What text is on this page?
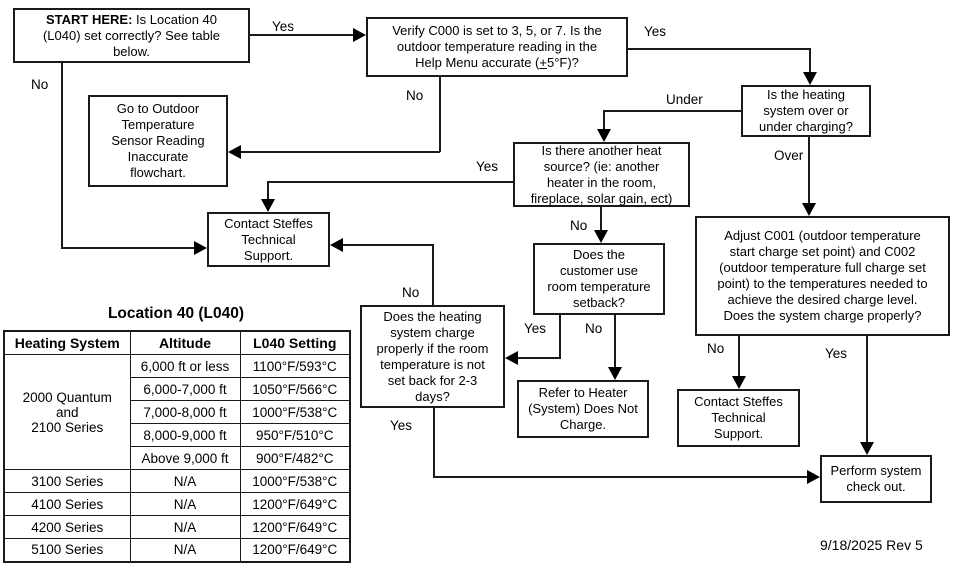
START HERE: Is Location 40
(L040) set correctly? See table
below.
Verify C000 is set to 3, 5, or 7. Is the
outdoor temperature reading in the
Help Menu accurate (+5°F)?
Is the heating
system over or
under charging?
Go to Outdoor
Temperature
Sensor Reading
Inaccurate
flowchart.
Is there another heat
source? (ie: another
heater in the room,
fireplace, solar gain, ect)
Contact Steffes
Technical
Support.
Adjust C001 (outdoor temperature
start charge set point) and C002
(outdoor temperature full charge set
point) to the temperatures needed to
achieve the desired charge level.
Does the system charge properly?
Does the
customer use
room temperature
setback?
Does the heating
system charge
properly if the room
temperature is not
set back for 2-3
days?	Refer to Heater
(System) Does Not
Charge.
Contact Steffes
Technical
Support.
Perform system
check out.
Yes
No
Yes
No	Under
Over
Yes
No
Yes	No
No
Yes
No	Yes
Location 40 (L040)
Heating System	Altitude	L040 Setting

2000 Quantum
and
2100 Series	6,000 ft or less	1100°F/593°C
	6,000-7,000 ft	1050°F/566°C
	7,000-8,000 ft	1000°F/538°C
	8,000-9,000 ft	950°F/510°C
	Above 9,000 ft	900°F/482°C
3100 Series	N/A	1000°F/538°C
4100 Series	N/A	1200°F/649°C
4200 Series	N/A	1200°F/649°C
5100 Series	N/A	1200°F/649°C	9/18/2025 Rev 5
